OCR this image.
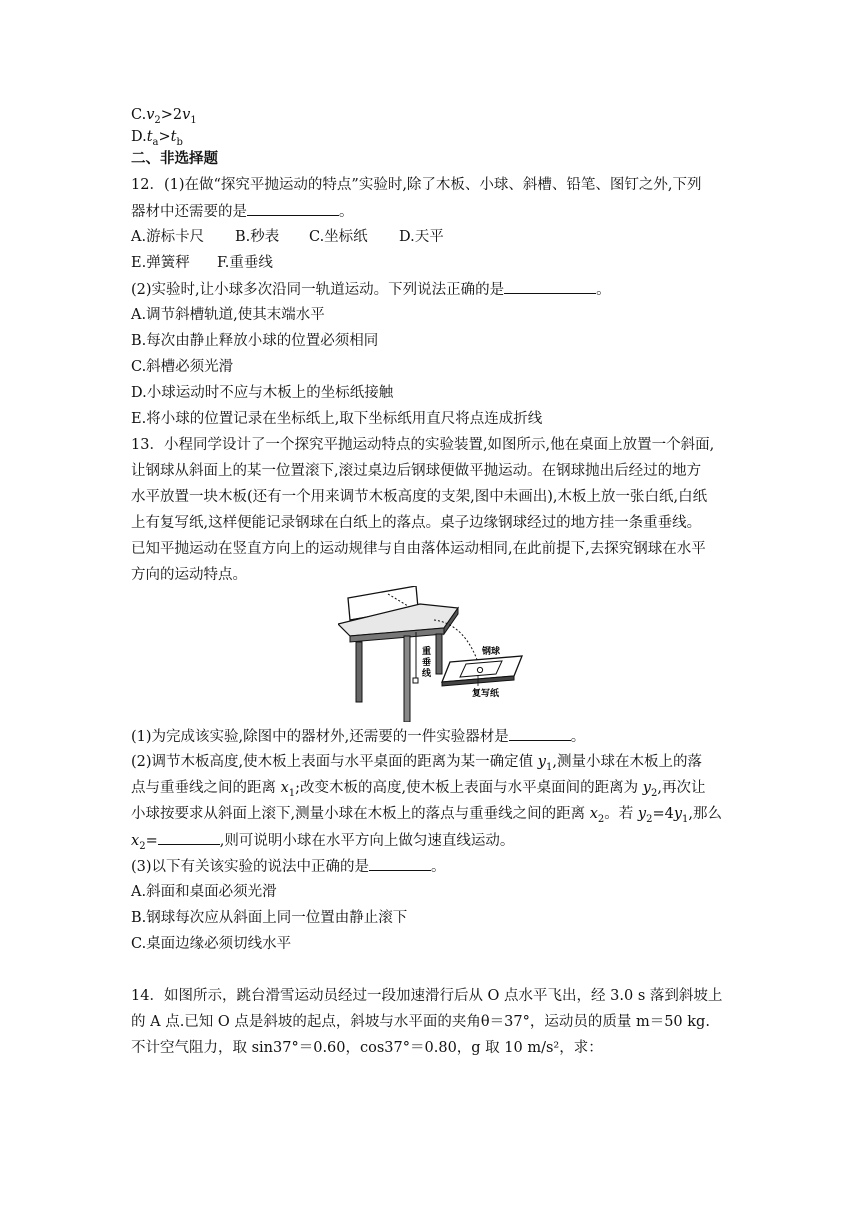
$C.v_2>2v_1$
$D.t_a>t_b$
二、非选择题
12．(1)在做“探究平抛运动的特点”实验时,除了木板、小球、斜槽、铅笔、图钉之外,下列
器材中还需要的是	。
A.游标卡尺 B.秒表 C.坐标纸 D.天平
E.弹簧秤 F.重垂线
(2)实验时,让小球多次沿同一轨道运动。下列说法正确的是	。
A.调节斜槽轨道,使其末端水平
B.每次由静止释放小球的位置必须相同
C.斜槽必须光滑
D.小球运动时不应与木板上的坐标纸接触
E.将小球的位置记录在坐标纸上,取下坐标纸用直尺将点连成折线
13．小程同学设计了一个探究平抛运动特点的实验装置,如图所示,他在桌面上放置一个斜面,
让钢球从斜面上的某一位置滚下,滚过桌边后钢球便做平抛运动。在钢球抛出后经过的地方
水平放置一块木板(还有一个用来调节木板高度的支架,图中未画出),木板上放一张白纸,白纸
上有复写纸,这样便能记录钢球在白纸上的落点。桌子边缘钢球经过的地方挂一条重垂线。
已知平抛运动在竖直方向上的运动规律与自由落体运动相同,在此前提下,去探究钢球在水平
方向的运动特点。
重
垂
线
钢球
复写纸
(1)为完成该实验,除图中的器材外,还需要的一件实验器材是	。
(2)调节木板高度,使木板上表面与水平桌面的距离为某一确定值 $y_1$,测量小球在木板上的落
点与重垂线之间的距离 $x_1$;改变木板的高度,使木板上表面与水平桌面间的距离为 $y_2$,再次让
小球按要求从斜面上滚下,测量小球在木板上的落点与重垂线之间的距离 $x_2$。若 $y_2=4y_1$,那么
$x_2=$	,则可说明小球在水平方向上做匀速直线运动。
(3)以下有关该实验的说法中正确的是	。
A.斜面和桌面必须光滑
B.钢球每次应从斜面上同一位置由静止滚下
C.桌面边缘必须切线水平
14．如图所示，跳台滑雪运动员经过一段加速滑行后从 O 点水平飞出，经 3.0 s 落到斜坡上
的 A 点.已知 O 点是斜坡的起点，斜坡与水平面的夹角θ＝37°，运动员的质量 m＝50 kg.
不计空气阻力，取 sin37°＝0.60，cos37°＝0.80，g 取 10 m/s²，求：
